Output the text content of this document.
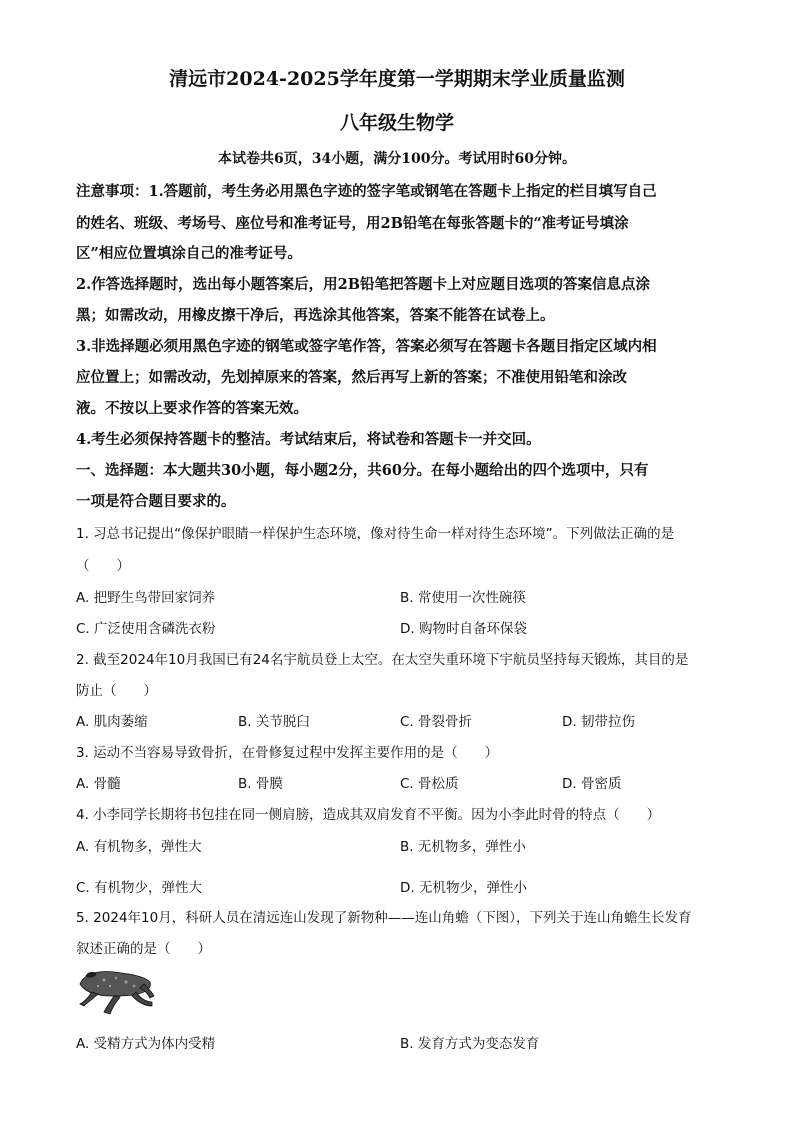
清远市2024-2025学年度第一学期期末学业质量监测
八年级生物学
本试卷共6页，34小题，满分100分。考试用时60分钟。
注意事项：1.答题前，考生务必用黑色字迹的签字笔或钢笔在答题卡上指定的栏目填写自己
的姓名、班级、考场号、座位号和准考证号，用2B铅笔在每张答题卡的“准考证号填涂
区”相应位置填涂自己的准考证号。
2.作答选择题时，选出每小题答案后，用2B铅笔把答题卡上对应题目选项的答案信息点涂
黑；如需改动，用橡皮擦干净后，再选涂其他答案，答案不能答在试卷上。
3.非选择题必须用黑色字迹的钢笔或签字笔作答，答案必须写在答题卡各题目指定区域内相
应位置上；如需改动，先划掉原来的答案，然后再写上新的答案；不准使用铅笔和涂改
液。不按以上要求作答的答案无效。
4.考生必须保持答题卡的整洁。考试结束后，将试卷和答题卡一并交回。
一、选择题：本大题共30小题，每小题2分，共60分。在每小题给出的四个选项中，只有
一项是符合题目要求的。
1. 习总书记提出“像保护眼睛一样保护生态环境，像对待生命一样对待生态环境”。下列做法正确的是
（　　）
A. 把野生鸟带回家饲养	B. 常使用一次性碗筷
C. 广泛使用含磷洗衣粉	D. 购物时自备环保袋
2. 截至2024年10月我国已有24名宇航员登上太空。在太空失重环境下宇航员坚持每天锻炼，其目的是
防止（　　）
A. 肌肉萎缩	B. 关节脱臼	C. 骨裂骨折	D. 韧带拉伤
3. 运动不当容易导致骨折，在骨修复过程中发挥主要作用的是（　　）
A. 骨髓	B. 骨膜	C. 骨松质	D. 骨密质
4. 小李同学长期将书包挂在同一侧肩膀，造成其双肩发育不平衡。因为小李此时骨的特点（　　）
A. 有机物多，弹性大	B. 无机物多，弹性小
C. 有机物少，弹性大	D. 无机物少，弹性小
5. 2024年10月，科研人员在清远连山发现了新物种——连山角蟾（下图），下列关于连山角蟾生长发育
叙述正确的是（　　）
A. 受精方式为体内受精	B. 发育方式为变态发育
